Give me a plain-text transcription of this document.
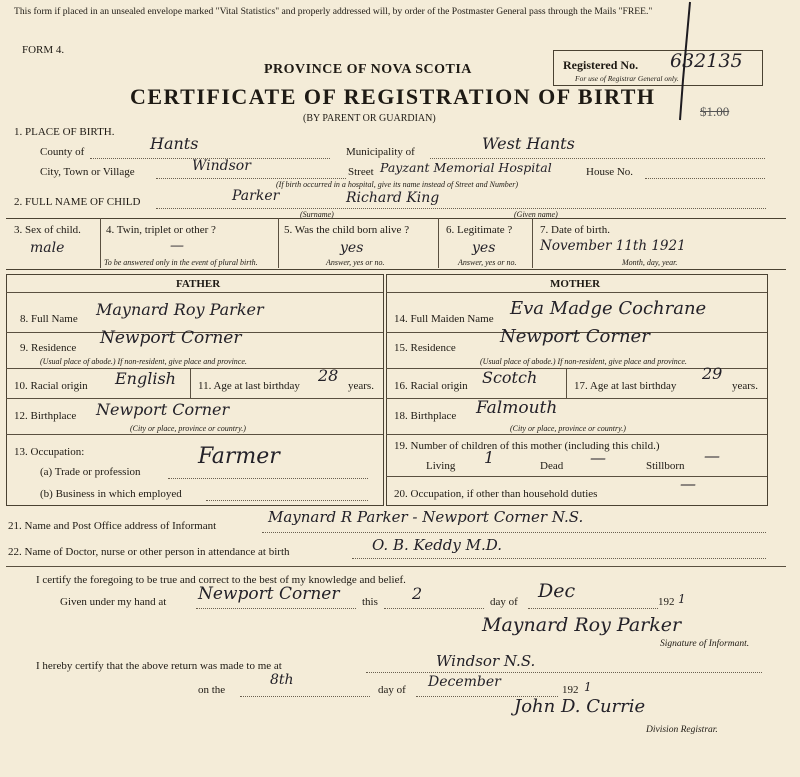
This form if placed in an unsealed envelope marked "Vital Statistics" and properly addressed will, by order of the Postmaster General pass through the Mails "FREE."
FORM 4.
PROVINCE OF NOVA SCOTIA
CERTIFICATE OF REGISTRATION OF BIRTH
(BY PARENT OR GUARDIAN)
Registered No. 632135
For use of Registrar General only.
$1.00
1. PLACE OF BIRTH.
County of	Hants	Municipality of	West Hants
City, Town or Village	Windsor	Street Payzant Memorial Hospital	House No.
(If birth occurred in a hospital, give its name instead of Street and Number)
2. FULL NAME OF CHILD	Parker	Richard King
(Surname)	(Given name)
3. Sex of child.
male
4. Twin, triplet or other ?
—
To be answered only in the event of plural birth.
5. Was the child born alive ?
yes
Answer, yes or no.
6. Legitimate ?
yes
Answer, yes or no.
7. Date of birth.
November 11th 1921
Month, day, year.
FATHER	MOTHER
8. Full Name Maynard Roy Parker
9. Residence Newport Corner
(Usual place of abode.) If non-resident, give place and province.
10. Racial origin English 11. Age at last birthday
28
years.
12. Birthplace Newport Corner
(City or place, province or country.)
13. Occupation:
(a) Trade or profession
Farmer
(b) Business in which employed
14. Full Maiden Name Eva Madge Cochrane
15. Residence
Newport Corner
(Usual place of abode.) If non-resident, give place and province.
16. Racial origin Scotch	17. Age at last birthday
29
years.
18. Birthplace Falmouth
(City or place, province or country.)
19. Number of children of this mother (including this child.)
Living 1	Dead —	Stillborn
—
20. Occupation, if other than household duties
—
21. Name and Post Office address of Informant	Maynard R Parker - Newport Corner N.S.
22. Name of Doctor, nurse or other person in attendance at birth	O. B. Keddy M.D.
I certify the foregoing to be true and correct to the best of my knowledge and belief.
Given under my hand at Newport Corner this 2	day of Dec	192 1
Maynard Roy Parker
Signature of Informant.
I hereby certify that the above return was made to me at	Windsor N.S.
on the
8th
day of December	192 1
John D. Currie
Division Registrar.
